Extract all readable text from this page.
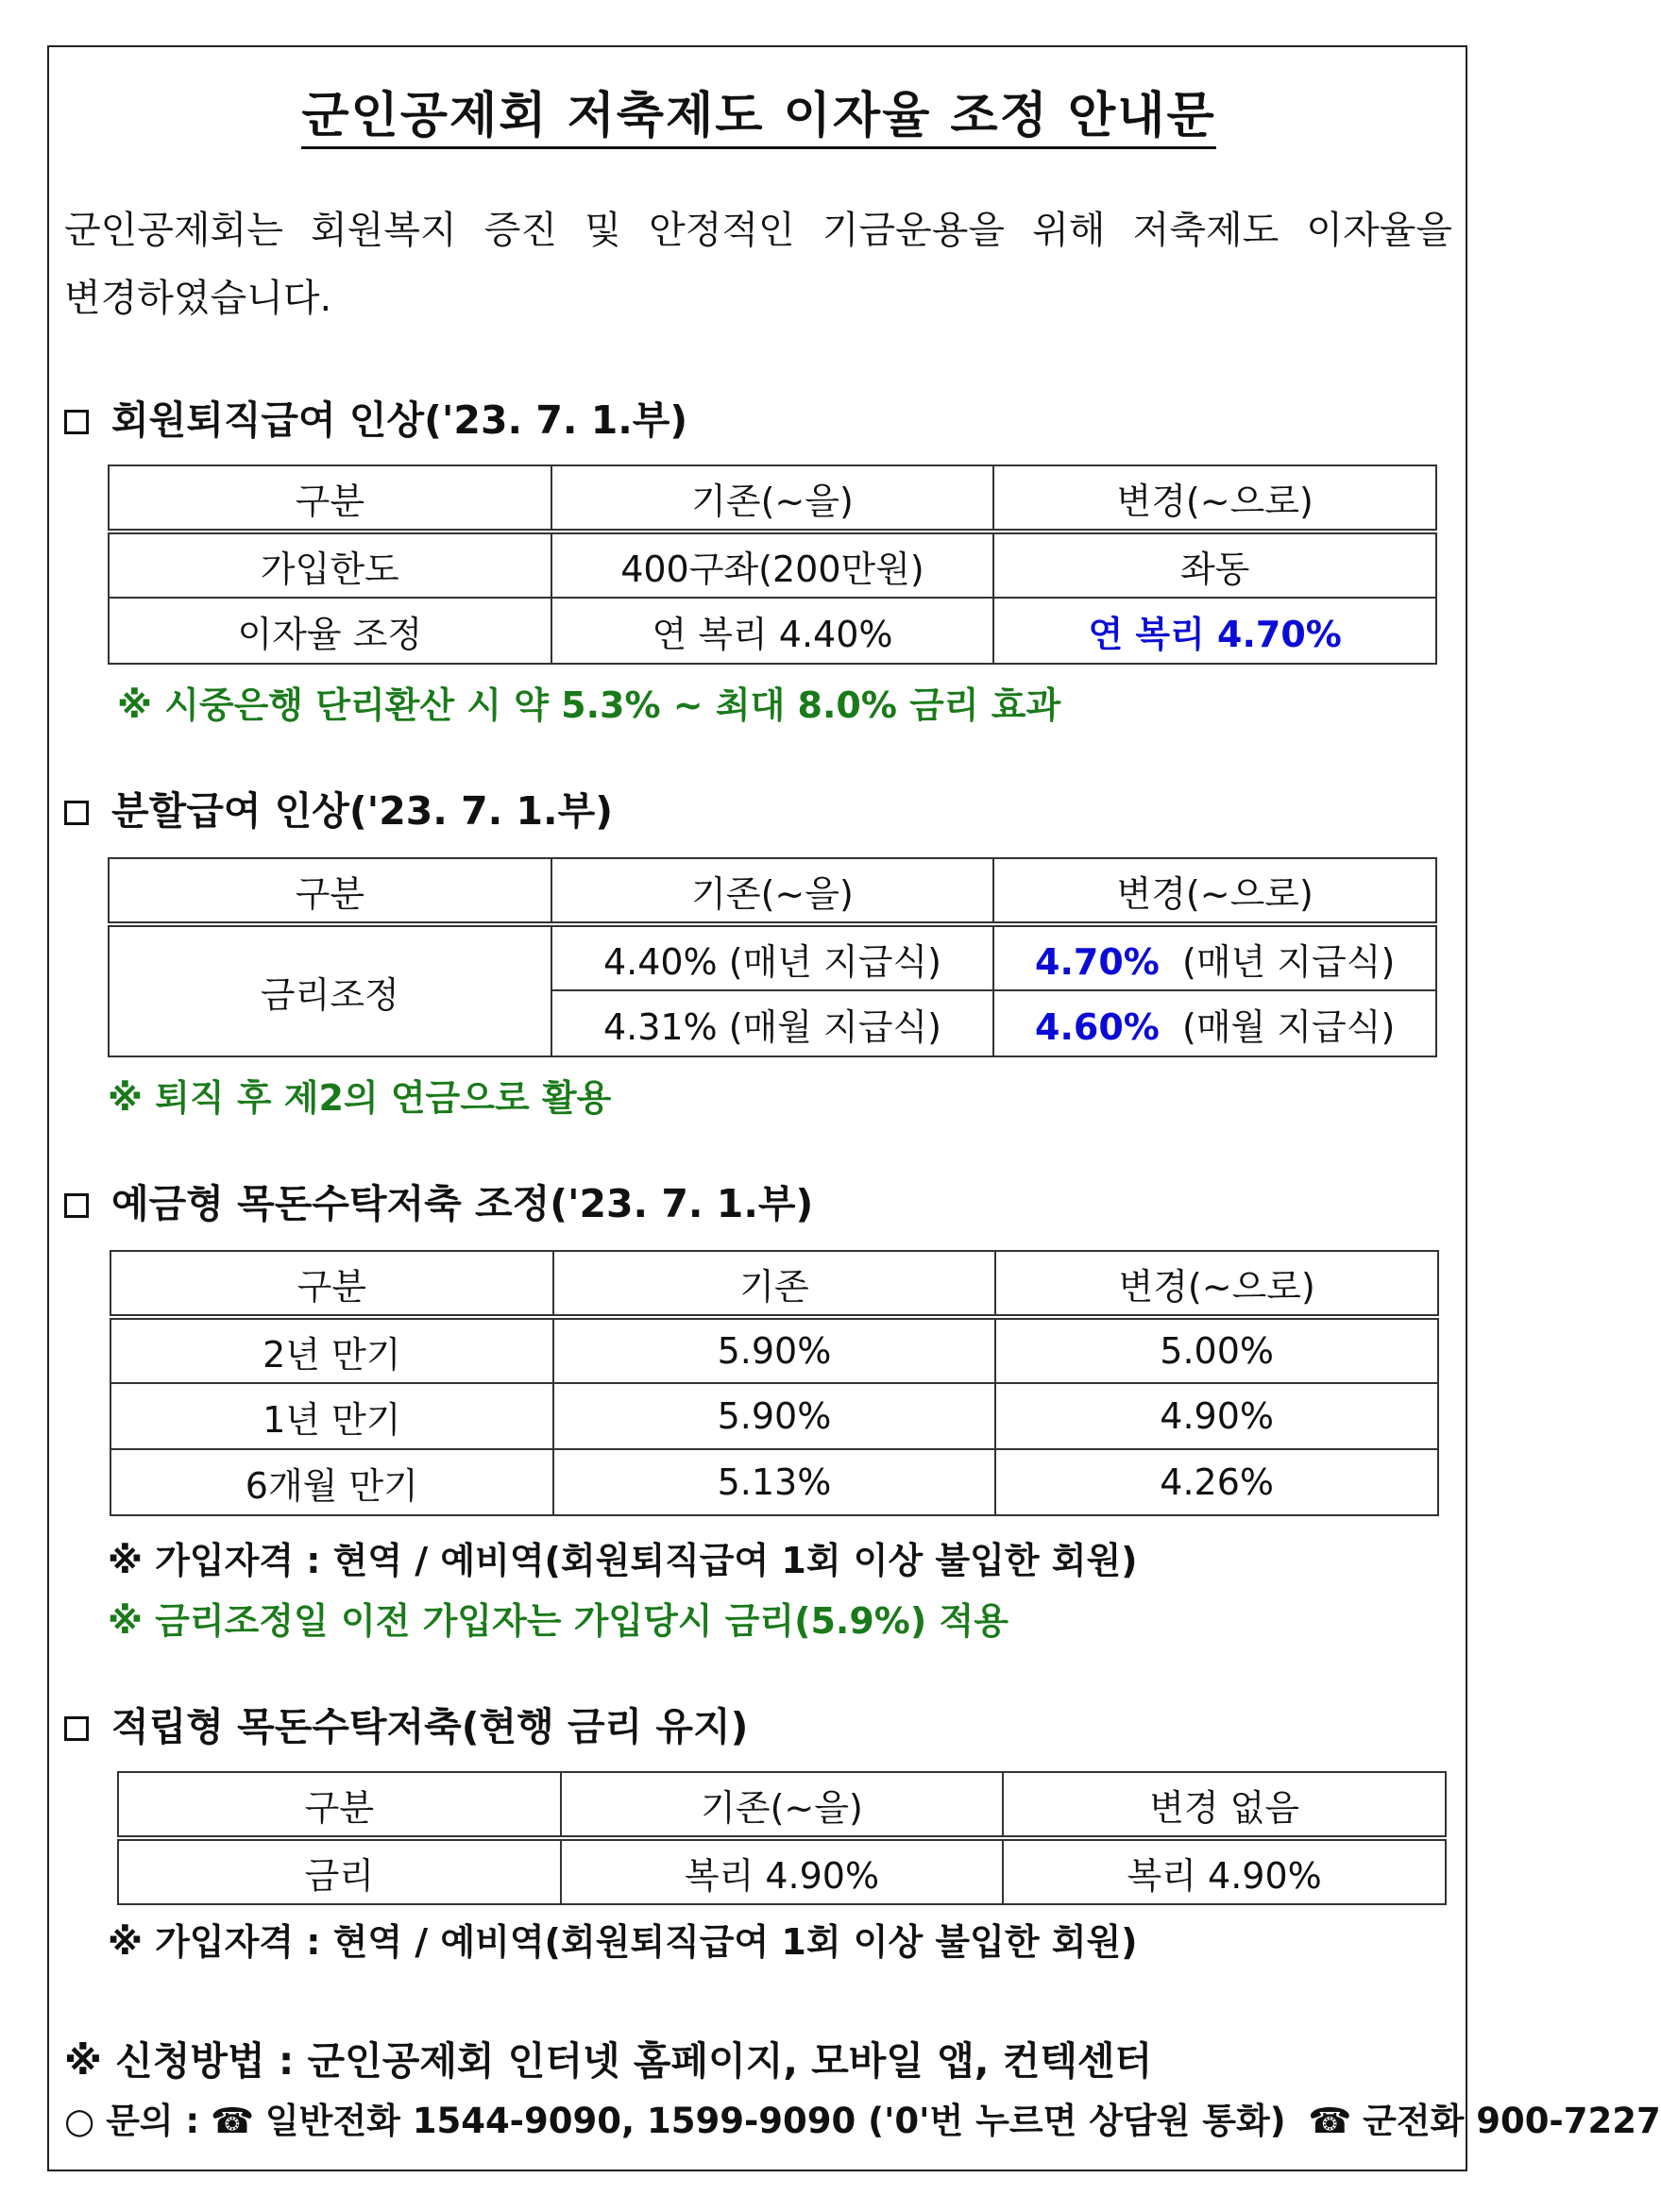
군인공제회 저축제도 이자율 조정 안내문
군인공제회는 회원복지 증진 및 안정적인 기금운용을 위해 저축제도 이자율을 변경하였습니다.
회원퇴직급여 인상('23. 7. 1.부)
구분	기존(~을)	변경(~으로)
가입한도	400구좌(200만원)	좌동
이자율 조정	연 복리 4.40%	연 복리 4.70%
※ 시중은행 단리환산 시 약 5.3% ~ 최대 8.0% 금리 효과
분할급여 인상('23. 7. 1.부)
구분	기존(~을)	변경(~으로)
금리조정	4.40% (매년 지급식)	4.70% (매년 지급식)
	4.31% (매월 지급식)	4.60% (매월 지급식)
※ 퇴직 후 제2의 연금으로 활용
예금형 목돈수탁저축 조정('23. 7. 1.부)
구분	기존	변경(~으로)
2년 만기	5.90%	5.00%
1년 만기	5.90%	4.90%
6개월 만기	5.13%	4.26%
※ 가입자격 : 현역 / 예비역(회원퇴직급여 1회 이상 불입한 회원)
※ 금리조정일 이전 가입자는 가입당시 금리(5.9%) 적용
적립형 목돈수탁저축(현행 금리 유지)
구분	기존(~을)	변경 없음
금리	복리 4.90%	복리 4.90%
※ 가입자격 : 현역 / 예비역(회원퇴직급여 1회 이상 불입한 회원)
※ 신청방법 : 군인공제회 인터넷 홈페이지, 모바일 앱, 컨텍센터
○ 문의 : ☎ 일반전화 1544-9090, 1599-9090 ('0'번 누르면 상담원 통화) ☎ 군전화 900-7227
